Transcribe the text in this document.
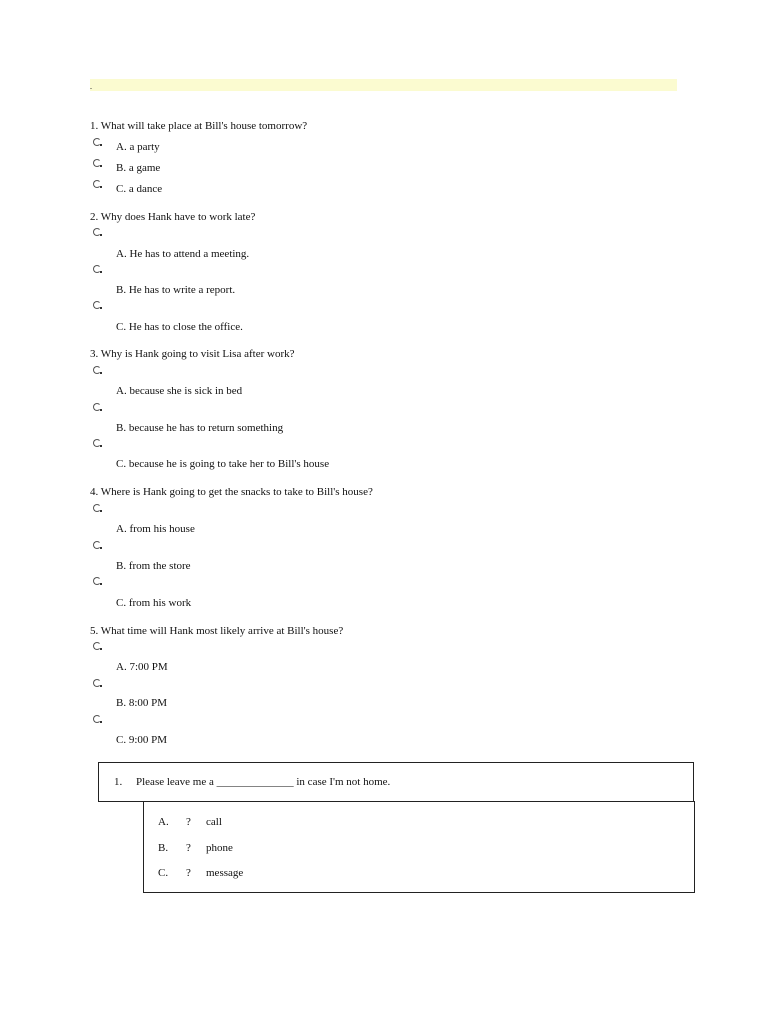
.
1. What will take place at Bill's house tomorrow?
A. a party
B. a game
C. a dance
2. Why does Hank have to work late?
A. He has to attend a meeting.
B. He has to write a report.
C. He has to close the office.
3. Why is Hank going to visit Lisa after work?
A. because she is sick in bed
B. because he has to return something
C. because he is going to take her to Bill's house
4. Where is Hank going to get the snacks to take to Bill's house?
A. from his house
B. from the store
C. from his work
5. What time will Hank most likely arrive at Bill's house?
A. 7:00 PM
B. 8:00 PM
C. 9:00 PM
1. Please leave me a ______________ in case I'm not home.
A. ? call
B. ? phone
C. ? message
